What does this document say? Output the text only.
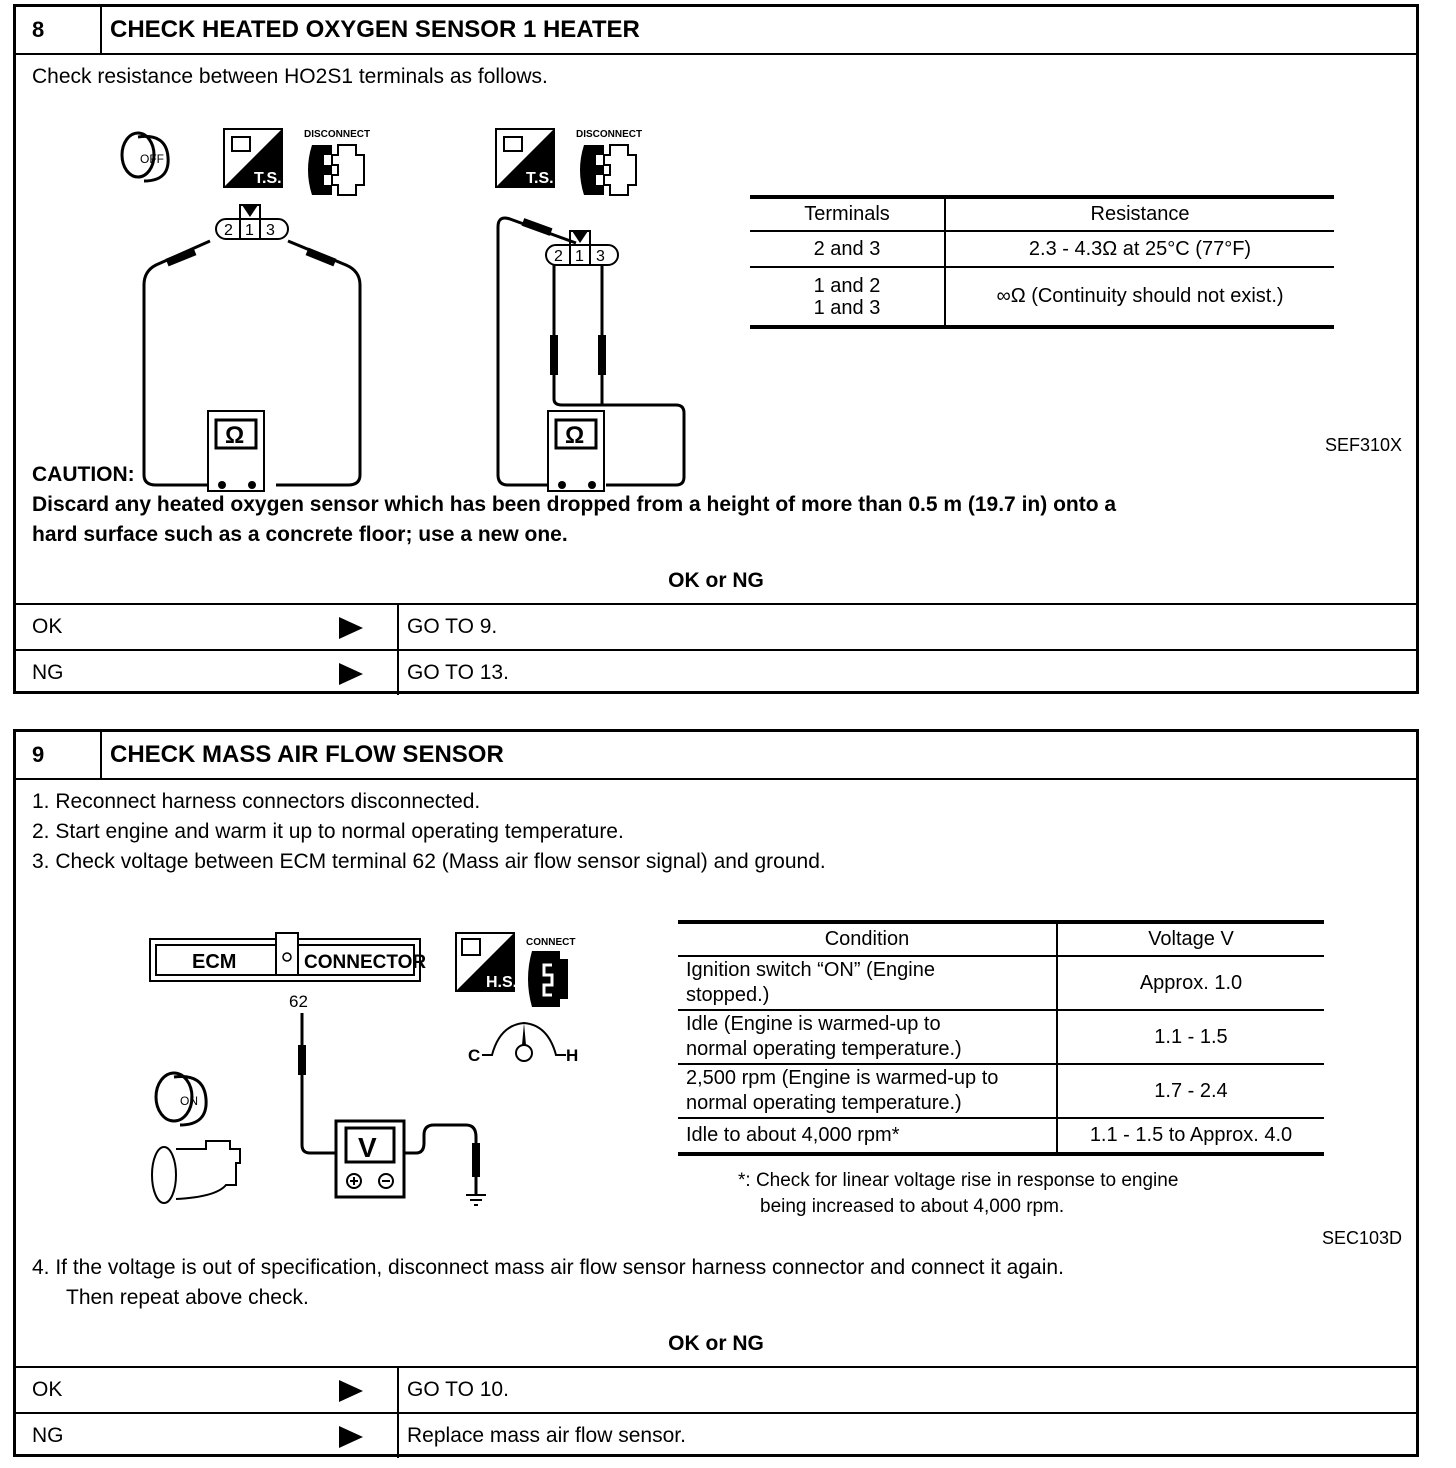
8	CHECK HEATED OXYGEN SENSOR 1 HEATER
Check resistance between HO2S1 terminals as follows.
OFF
T.S.
DISCONNECT
2 1 3
Ω
T.S.
DISCONNECT
2 1 3
Ω
Terminals	Resistance
2 and 3	2.3 - 4.3Ω at 25°C (77°F)

1 and 2
1 and 3	∞Ω (Continuity should not exist.)
SEF310X
CAUTION:
Discard any heated oxygen sensor which has been dropped from a height of more than 0.5 m (19.7 in) onto a
hard surface such as a concrete floor; use a new one.
OK or NG
OK	GO TO 9.
NG	GO TO 13.
9	CHECK MASS AIR FLOW SENSOR
1. Reconnect harness connectors disconnected.
2. Start engine and warm it up to normal operating temperature.
3. Check voltage between ECM terminal 62 (Mass air flow sensor signal) and ground.
ECM	CONNECTOR
62
H.S.
CONNECT
C	H
ON
V
Condition	Voltage V

Ignition switch “ON” (Engine
stopped.)	Approx. 1.0

Idle (Engine is warmed-up to
normal operating temperature.)	1.1 - 1.5

2,500 rpm (Engine is warmed-up to
normal operating temperature.)	1.7 - 2.4
Idle to about 4,000 rpm*	1.1 - 1.5 to Approx. 4.0
*: Check for linear voltage rise in response to engine
being increased to about 4,000 rpm.
SEC103D
4. If the voltage is out of specification, disconnect mass air flow sensor harness connector and connect it again.
Then repeat above check.
OK or NG
OK	GO TO 10.
NG	Replace mass air flow sensor.
